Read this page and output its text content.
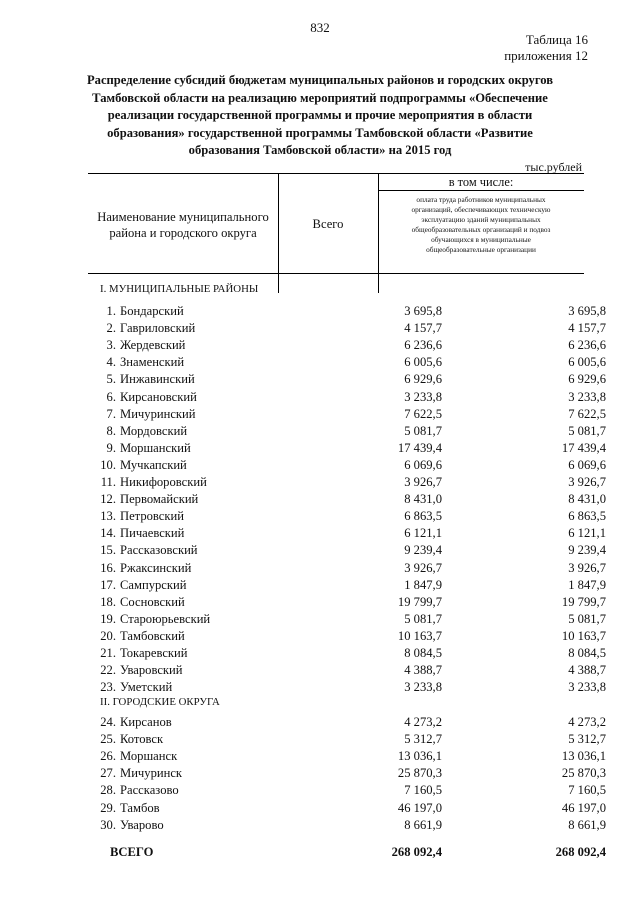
832
Таблица 16
приложения 12
Распределение субсидий бюджетам муниципальных районов и городских округов
Тамбовской области на реализацию мероприятий подпрограммы «Обеспечение
реализации государственной программы и прочие мероприятия в области
образования» государственной программы Тамбовской области «Развитие
образования Тамбовской области» на 2015 год
тыс.рублей
Наименование муниципального
района и городского округа
Всего
в том числе:
оплата труда работников муниципальных
организаций, обеспечивающих техническую
эксплуатацию зданий муниципальных
общеобразовательных организаций и подвоз
обучающихся в муниципальные
общеобразовательные организации
I. МУНИЦИПАЛЬНЫЕ РАЙОНЫ
1. Бондарский	3 695,8	3 695,8
2. Гавриловский	4 157,7	4 157,7
3. Жердевский	6 236,6	6 236,6
4. Знаменский	6 005,6	6 005,6
5. Инжавинский	6 929,6	6 929,6
6. Кирсановский	3 233,8	3 233,8
7. Мичуринский	7 622,5	7 622,5
8. Мордовский	5 081,7	5 081,7
9. Моршанский	17 439,4	17 439,4
10. Мучкапский	6 069,6	6 069,6
11. Никифоровский	3 926,7	3 926,7
12. Первомайский	8 431,0	8 431,0
13. Петровский	6 863,5	6 863,5
14. Пичаевский	6 121,1	6 121,1
15. Рассказовский	9 239,4	9 239,4
16. Ржаксинский	3 926,7	3 926,7
17. Сампурский	1 847,9	1 847,9
18. Сосновский	19 799,7	19 799,7
19. Староюрьевский	5 081,7	5 081,7
20. Тамбовский	10 163,7	10 163,7
21. Токаревский	8 084,5	8 084,5
22. Уваровский	4 388,7	4 388,7
23. Уметский	3 233,8	3 233,8
II. ГОРОДСКИЕ ОКРУГА
24. Кирсанов	4 273,2	4 273,2
25. Котовск	5 312,7	5 312,7
26. Моршанск	13 036,1	13 036,1
27. Мичуринск	25 870,3	25 870,3
28. Рассказово	7 160,5	7 160,5
29. Тамбов	46 197,0	46 197,0
30. Уварово	8 661,9	8 661,9
ВСЕГО	268 092,4	268 092,4
